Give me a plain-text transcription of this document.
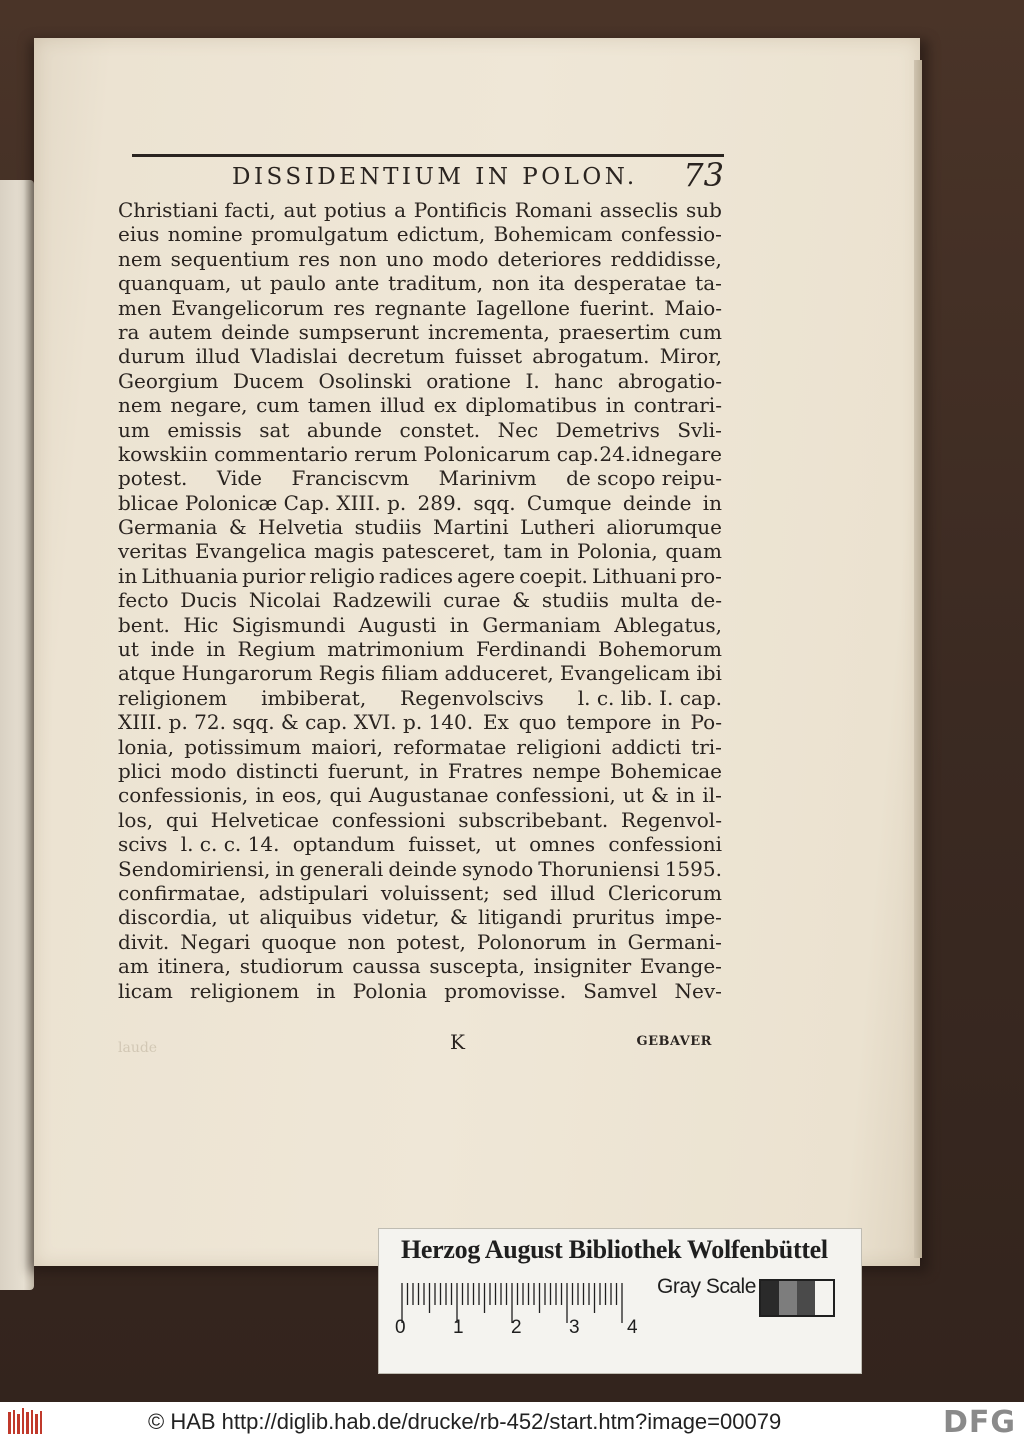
DISSIDENTIUM IN POLON. 73
Christiani facti, aut potius a Pontificis Romani asseclis sub
eius nomine promulgatum edictum, Bohemicam confessio-
nem sequentium res non uno modo deteriores reddidisse,
quanquam, ut paulo ante traditum, non ita desperatae ta-
men Evangelicorum res regnante Iagellone fuerint. Maio-
ra autem deinde sumpserunt incrementa, praesertim cum
durum illud Vladislai decretum fuisset abrogatum. Miror,
Georgium Ducem Osolinski oratione I. hanc abrogatio-
nem negare, cum tamen illud ex diplomatibus in contrari-
um emissis sat abunde constet. Nec Demetrivs Svli-
kowski in commentario rerum Polonicarum cap. 24. id negare
potest. Vide Franciscvm Marinivm de scopo reipu-
blicae Polonicæ Cap. XIII. p. 289. sqq. Cumque deinde in
Germania & Helvetia studiis Martini Lutheri aliorumque
veritas Evangelica magis patesceret, tam in Polonia, quam
in Lithuania purior religio radices agere coepit. Lithuani pro-
fecto Ducis Nicolai Radzewili curae & studiis multa de-
bent. Hic Sigismundi Augusti in Germaniam Ablegatus,
ut inde in Regium matrimonium Ferdinandi Bohemorum
atque Hungarorum Regis filiam adduceret, Evangelicam ibi
religionem imbiberat, Regenvolscivs l. c. lib. I. cap.
XIII. p. 72. sqq. & cap. XVI. p. 140. Ex quo tempore in Po-
lonia, potissimum maiori, reformatae religioni addicti tri-
plici modo distincti fuerunt, in Fratres nempe Bohemicae
confessionis, in eos, qui Augustanae confessioni, ut & in il-
los, qui Helveticae confessioni subscribebant. Regenvol-
scivs l. c. c. 14. optandum fuisset, ut omnes confessioni
Sendomiriensi, in generali deinde synodo Thoruniensi 1595.
confirmatae, adstipulari voluissent; sed illud Clericorum
discordia, ut aliquibus videtur, & litigandi pruritus impe-
divit. Negari quoque non potest, Polonorum in Germani-
am itinera, studiorum caussa suscepta, insigniter Evange-
licam religionem in Polonia promovisse. Samvel Nev-
K	GEBAVER
laude
Herzog August Bibliothek Wolfenbüttel
0 1 2 3 4
Gray Scale
© HAB http://diglib.hab.de/drucke/rb-452/start.htm?image=00079	DFG
